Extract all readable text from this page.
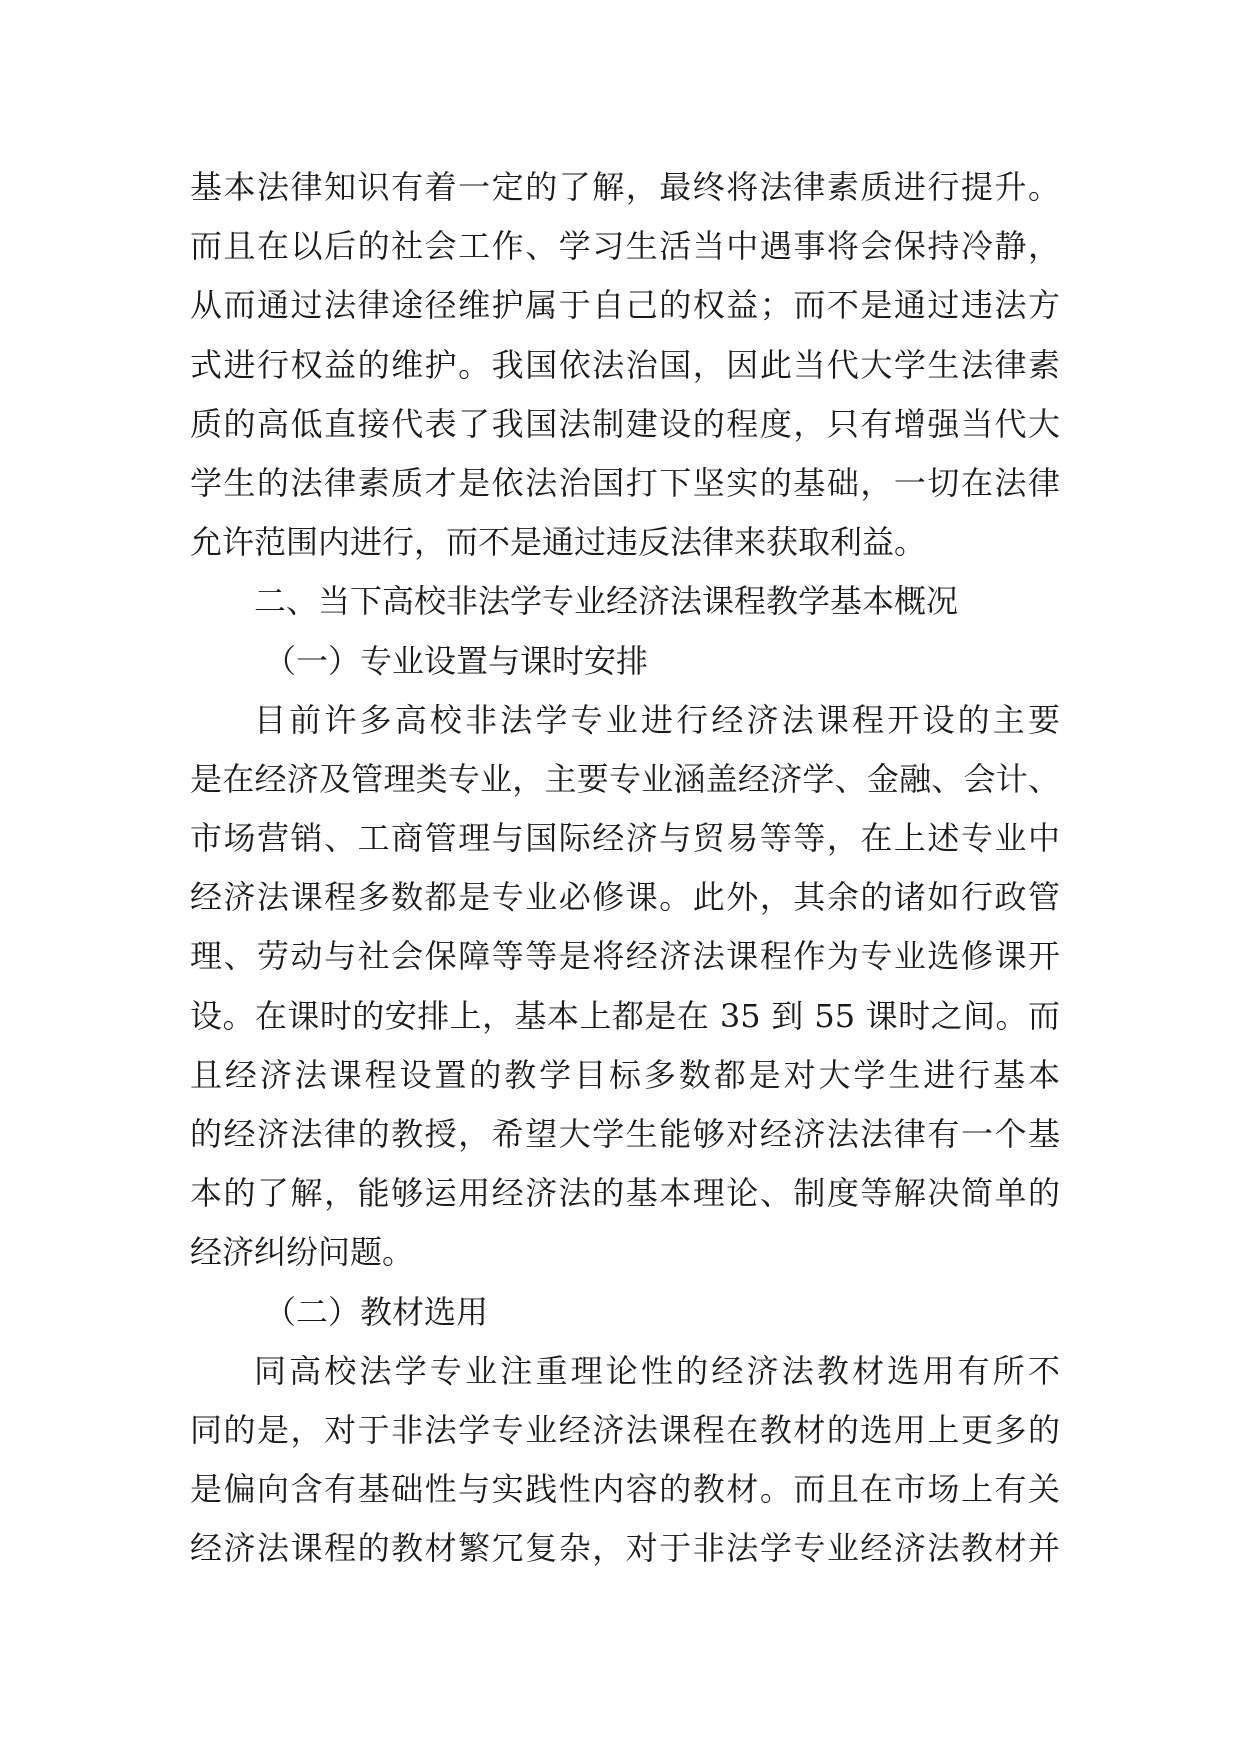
基本法律知识有着一定的了解，最终将法律素质进行提升。
而且在以后的社会工作、学习生活当中遇事将会保持冷静，
从而通过法律途径维护属于自己的权益；而不是通过违法方
式进行权益的维护。我国依法治国，因此当代大学生法律素
质的高低直接代表了我国法制建设的程度，只有增强当代大
学生的法律素质才是依法治国打下坚实的基础，一切在法律
允许范围内进行，而不是通过违反法律来获取利益。
二、当下高校非法学专业经济法课程教学基本概况
（一）专业设置与课时安排
目前许多高校非法学专业进行经济法课程开设的主要
是在经济及管理类专业，主要专业涵盖经济学、金融、会计、
市场营销、工商管理与国际经济与贸易等等，在上述专业中
经济法课程多数都是专业必修课。此外，其余的诸如行政管
理、劳动与社会保障等等是将经济法课程作为专业选修课开
设。在课时的安排上，基本上都是在 35 到 55 课时之间。而
且经济法课程设置的教学目标多数都是对大学生进行基本
的经济法律的教授，希望大学生能够对经济法法律有一个基
本的了解，能够运用经济法的基本理论、制度等解决简单的
经济纠纷问题。
（二）教材选用
同高校法学专业注重理论性的经济法教材选用有所不
同的是，对于非法学专业经济法课程在教材的选用上更多的
是偏向含有基础性与实践性内容的教材。而且在市场上有关
经济法课程的教材繁冗复杂，对于非法学专业经济法教材并
